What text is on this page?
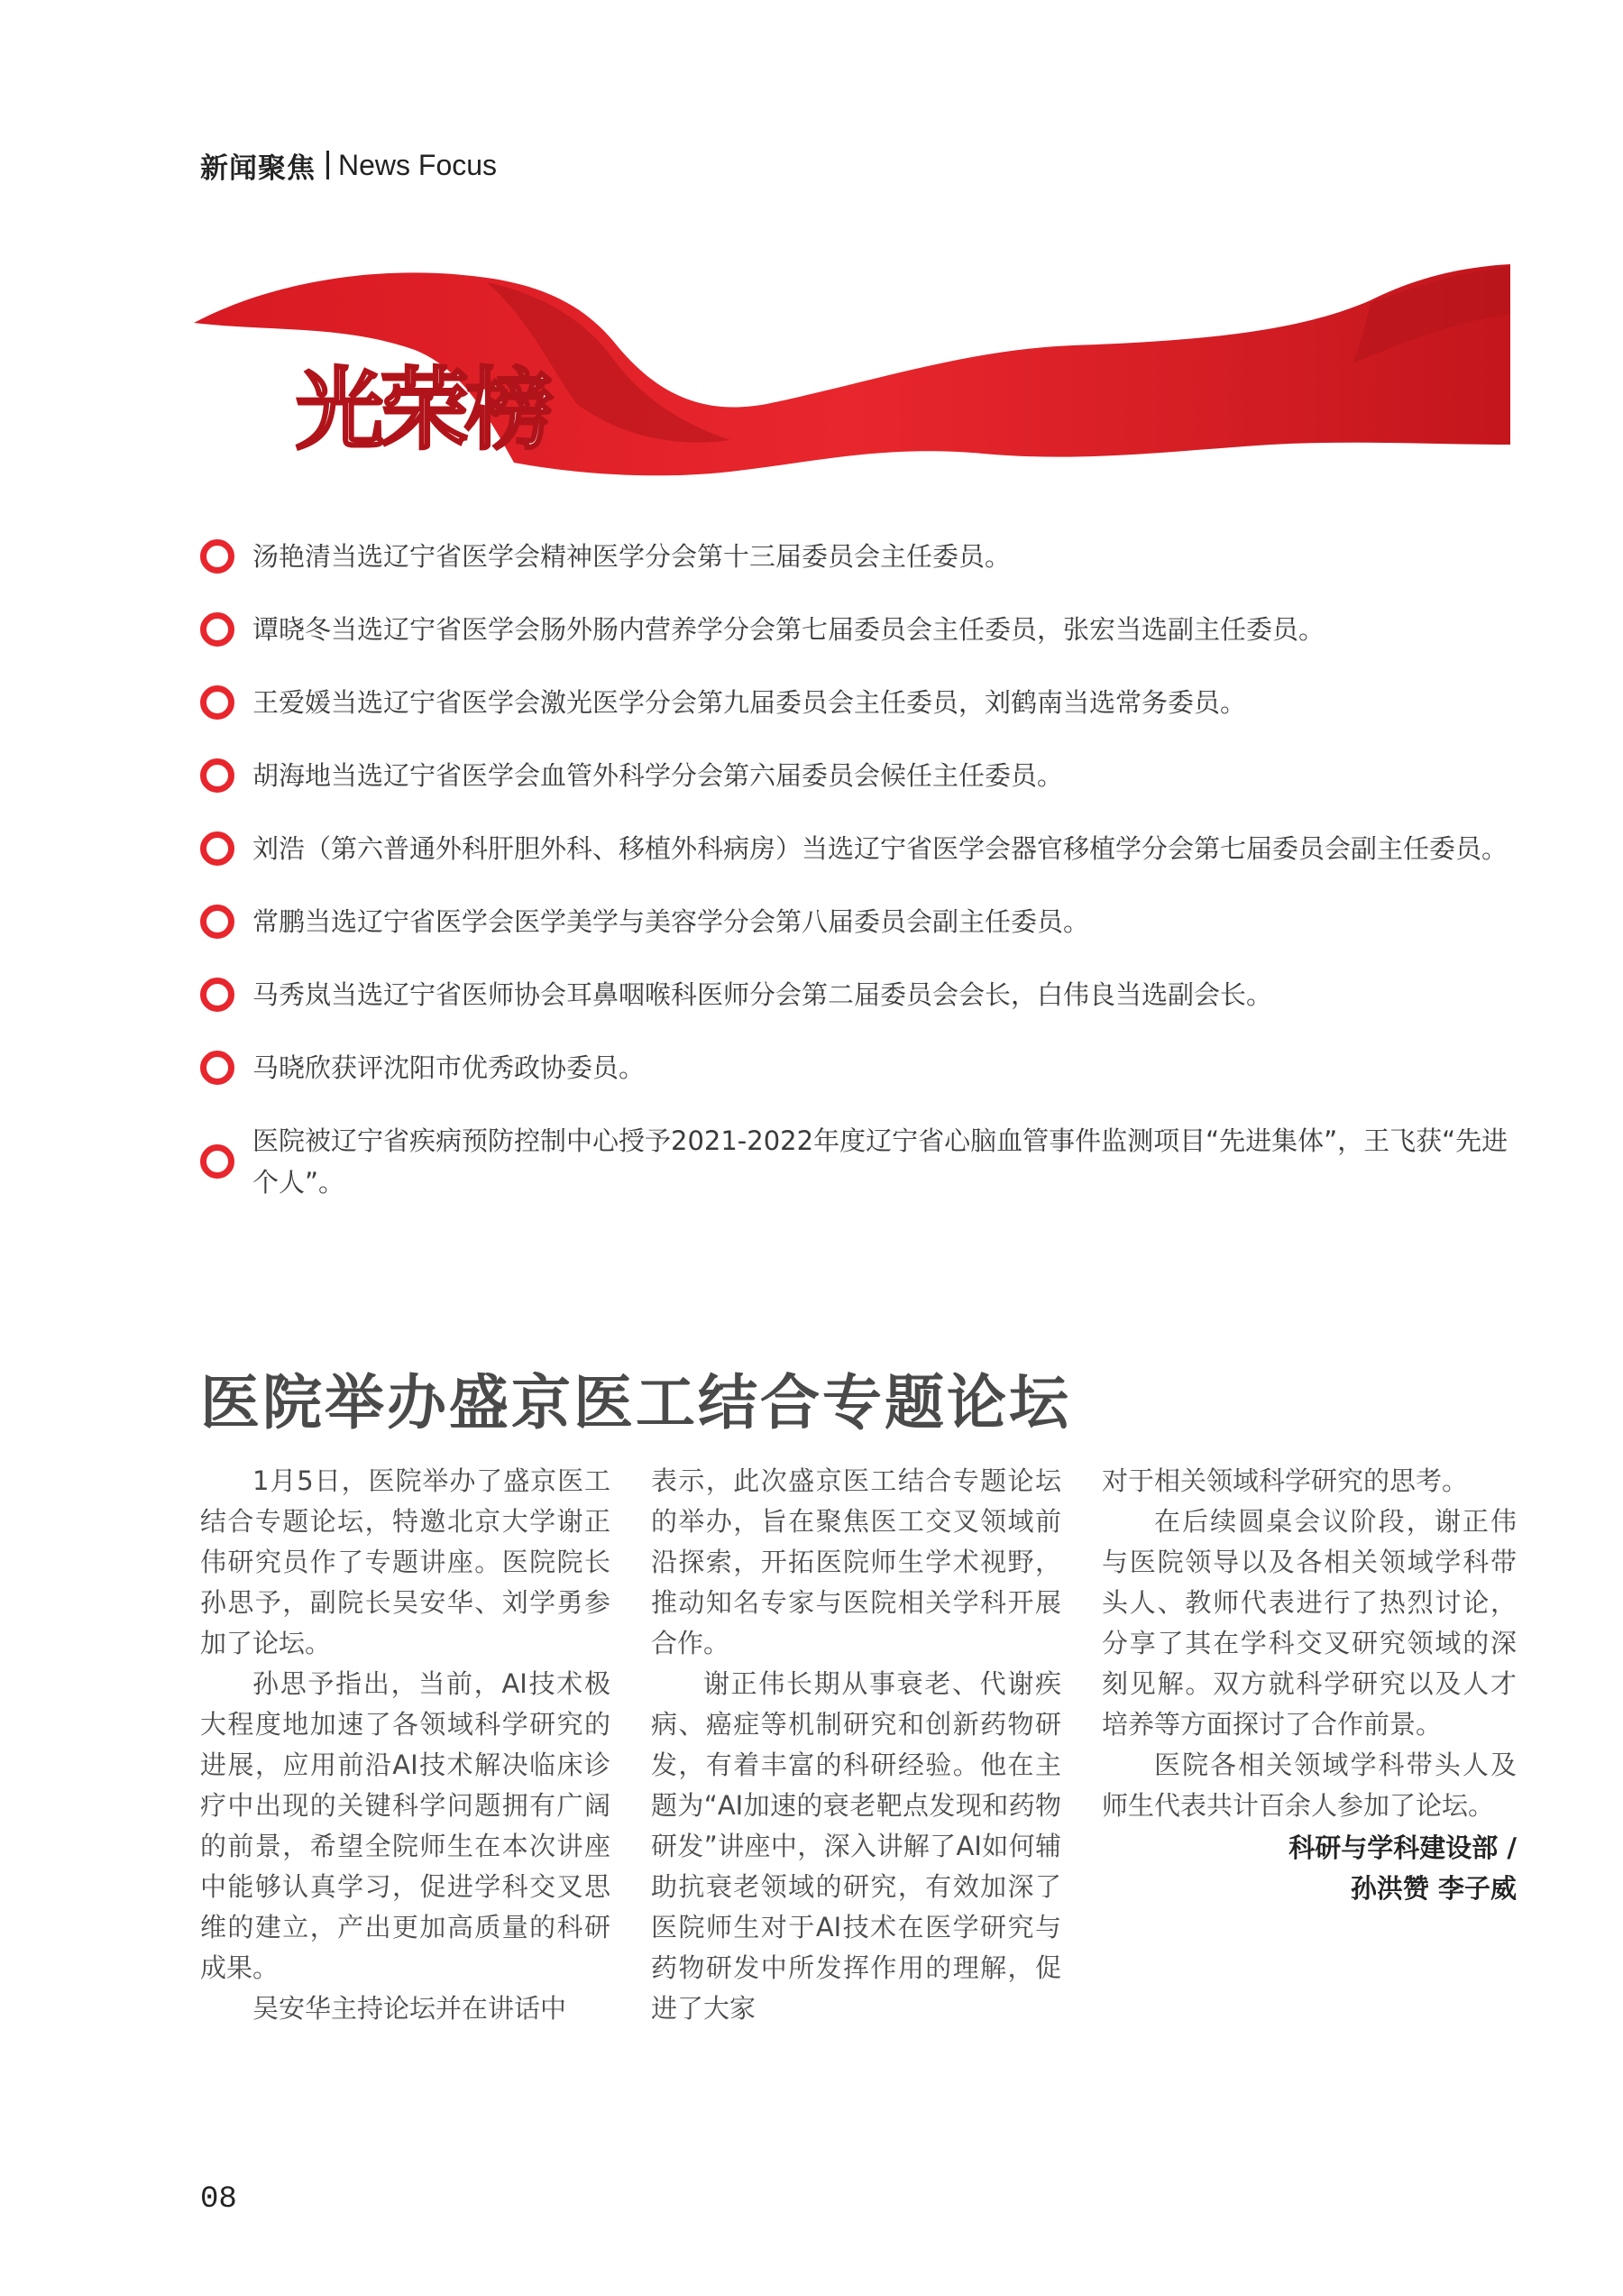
新闻聚焦 News Focus
光荣榜
汤艳清当选辽宁省医学会精神医学分会第十三届委员会主任委员。
谭晓冬当选辽宁省医学会肠外肠内营养学分会第七届委员会主任委员，张宏当选副主任委员。
王爱媛当选辽宁省医学会激光医学分会第九届委员会主任委员，刘鹤南当选常务委员。
胡海地当选辽宁省医学会血管外科学分会第六届委员会候任主任委员。
刘浩（第六普通外科肝胆外科、移植外科病房）当选辽宁省医学会器官移植学分会第七届委员会副主任委员。
常鹏当选辽宁省医学会医学美学与美容学分会第八届委员会副主任委员。
马秀岚当选辽宁省医师协会耳鼻咽喉科医师分会第二届委员会会长，白伟良当选副会长。
马晓欣获评沈阳市优秀政协委员。
医院被辽宁省疾病预防控制中心授予2021-2022年度辽宁省心脑血管事件监测项目“先进集体”，王飞获“先进个人”。
医院举办盛京医工结合专题论坛

1月5日，医院举办了盛京医工结合专题论坛，特邀北京大学谢正伟研究员作了专题讲座。医院院长孙思予，副院长吴安华、刘学勇参加了论坛。

孙思予指出，当前，AI技术极大程度地加速了各领域科学研究的进展，应用前沿AI技术解决临床诊疗中出现的关键科学问题拥有广阔的前景，希望全院师生在本次讲座中能够认真学习，促进学科交叉思维的建立，产出更加高质量的科研成果。

吴安华主持论坛并在讲话中

表示，此次盛京医工结合专题论坛的举办，旨在聚焦医工交叉领域前沿探索，开拓医院师生学术视野，推动知名专家与医院相关学科开展合作。

谢正伟长期从事衰老、代谢疾病、癌症等机制研究和创新药物研发，有着丰富的科研经验。他在主题为“AI加速的衰老靶点发现和药物研发”讲座中，深入讲解了AI如何辅助抗衰老领域的研究，有效加深了医院师生对于AI技术在医学研究与药物研发中所发挥作用的理解，促进了大家

对于相关领域科学研究的思考。

在后续圆桌会议阶段，谢正伟与医院领导以及各相关领域学科带头人、教师代表进行了热烈讨论，分享了其在学科交叉研究领域的深刻见解。双方就科学研究以及人才培养等方面探讨了合作前景。

医院各相关领域学科带头人及师生代表共计百余人参加了论坛。

科研与学科建设部 /
孙洪赞 李子威
08
